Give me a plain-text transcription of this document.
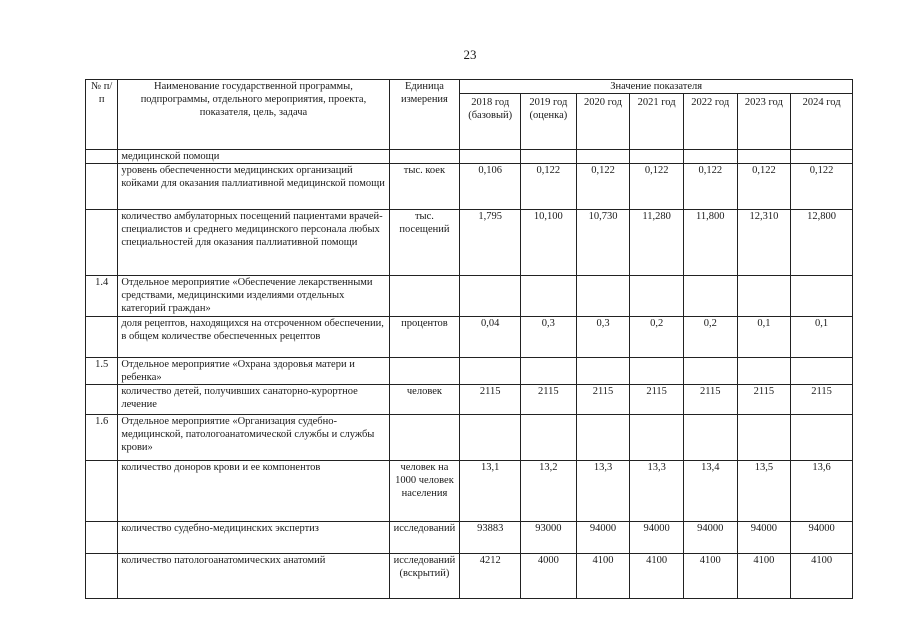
23
№ п/п	Наименование государственной программы, подпрограммы, отдельного мероприятия, проекта, показателя, цель, задача	Единица измерения	Значение показателя						
			2018 год (базовый)	2019 год (оценка)	2020 год	2021 год	2022 год	2023 год	2024 год
	медицинской помощи								
	уровень обеспеченности медицинских организаций койками для оказания паллиативной медицинской помощи	тыс. коек	0,106	0,122	0,122	0,122	0,122	0,122	0,122
	количество амбулаторных посещений пациентами врачей-специалистов и среднего медицинского персонала любых специальностей для оказания паллиативной помощи	тыс. посещений	1,795	10,100	10,730	11,280	11,800	12,310	12,800
1.4	Отдельное мероприятие «Обеспечение лекарственными средствами, медицинскими изделиями отдельных категорий граждан»								
	доля рецептов, находящихся на отсроченном обеспечении, в общем количестве обеспеченных рецептов	процентов	0,04	0,3	0,3	0,2	0,2	0,1	0,1
1.5	Отдельное мероприятие «Охрана здоровья матери и ребенка»								
	количество детей, получивших санаторно-курортное лечение	человек	2115	2115	2115	2115	2115	2115	2115
1.6	Отдельное мероприятие «Организация судебно-медицинской, патологоанатомической службы и службы крови»								
	количество доноров крови и ее компонентов	человек на 1000 человек населения	13,1	13,2	13,3	13,3	13,4	13,5	13,6
	количество судебно-медицинских экспертиз	исследований	93883	93000	94000	94000	94000	94000	94000
	количество патологоанатомических анатомий	исследований (вскрытий)	4212	4000	4100	4100	4100	4100	4100
